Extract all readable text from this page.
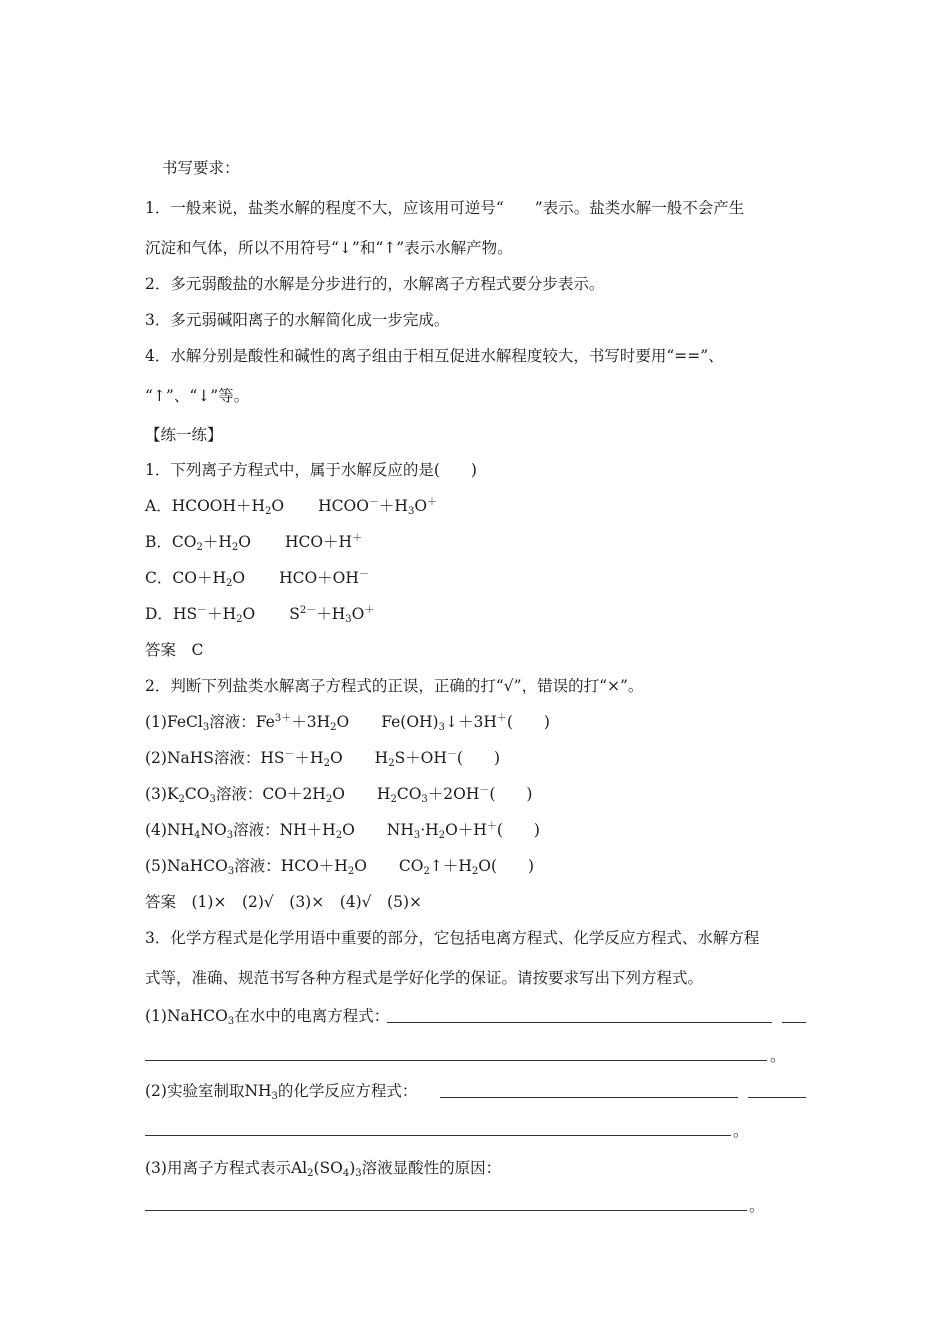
书写要求：
1．一般来说，盐类水解的程度不大，应该用可逆号“　　”表示。盐类水解一般不会产生
沉淀和气体，所以不用符号“↓”和“↑”表示水解产物。
2．多元弱酸盐的水解是分步进行的，水解离子方程式要分步表示。
3．多元弱碱阳离子的水解简化成一步完成。
4．水解分别是酸性和碱性的离子组由于相互促进水解程度较大，书写时要用“==”、
“↑”、“↓”等。
【练一练】
1．下列离子方程式中，属于水解反应的是(　　)
A．$HCOOH+H_2O$ $HCOO^-+H_3O^+$
B．$CO_2+H_2O$ HCO＋H＋
C．$CO+H_2O$ HCO＋OH－
D．$HS^-+H_2O$ $S^{2-}+H_3O^+$
答案　C
2．判断下列盐类水解离子方程式的正误，正确的打“√”，错误的打“×”。
(1)FeCl$_3$溶液：$Fe^{3+}+3H_2O$ $Fe(OH)_3↓+3H^+$(　　)
(2)NaHS溶液：$HS^-+H_2O$ $H_2S+OH^-$(　　)
$(3)K_2CO_3$溶液：$CO+2H_2O$ $H_2CO_3+2OH^-$(　　)
$(4)NH_4NO_3$溶液：$NH+H_2O$ $NH_3\cdot H_2O+H^+$(　　)
(5)NaHCO$_3$溶液：$HCO+H_2O$ $CO_2↑+H_2O$(　　)
答案　(1)×　(2)√　(3)×　(4)√　(5)×
3．化学方程式是化学用语中重要的部分，它包括电离方程式、化学反应方程式、水解方程
式等，准确、规范书写各种方程式是学好化学的保证。请按要求写出下列方程式。
(1)NaHCO$_3$在水中的电离方程式：
。
(2)实验室制取$NH_3$的化学反应方程式：
。
(3)用离子方程式表示$Al_2(SO_4)_3$溶液显酸性的原因：
。
